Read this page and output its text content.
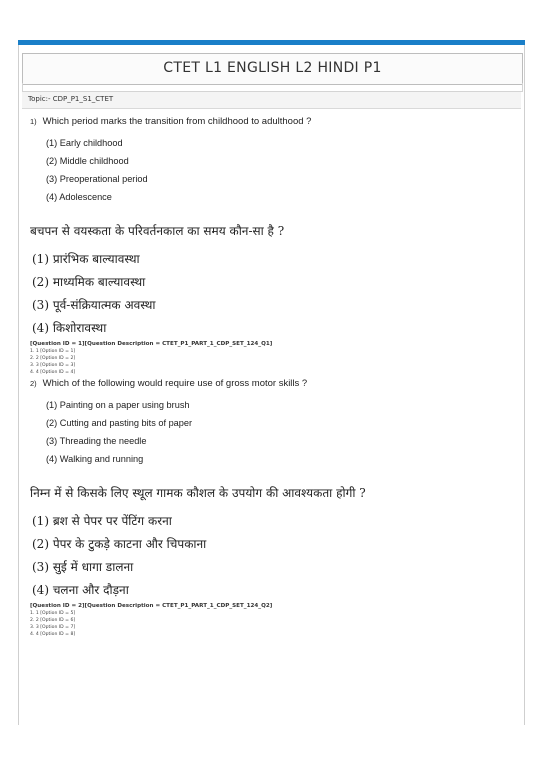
CTET L1 ENGLISH L2 HINDI P1
Topic:- CDP_P1_S1_CTET
1) Which period marks the transition from childhood to adulthood ?
(1) Early childhood
(2) Middle childhood
(3) Preoperational period
(4) Adolescence
बचपन से वयस्कता के परिवर्तनकाल का समय कौन-सा है ?
(1) प्रारंभिक बाल्यावस्था
(2) माध्यमिक बाल्यावस्था
(3) पूर्व-संक्रियात्मक अवस्था
(4) किशोरावस्था
[Question ID = 1][Question Description = CTET_P1_PART_1_CDP_SET_124_Q1]
1. 1 [Option ID = 1]
2. 2 [Option ID = 2]
3. 3 [Option ID = 3]
4. 4 [Option ID = 4]
2) Which of the following would require use of gross motor skills ?
(1) Painting on a paper using brush
(2) Cutting and pasting bits of paper
(3) Threading the needle
(4) Walking and running
निम्न में से किसके लिए स्थूल गामक कौशल के उपयोग की आवश्यकता होगी ?
(1) ब्रश से पेपर पर पेंटिंग करना
(2) पेपर के टुकड़े काटना और चिपकाना
(3) सुई में धागा डालना
(4) चलना और दौड़ना
[Question ID = 2][Question Description = CTET_P1_PART_1_CDP_SET_124_Q2]
1. 1 [Option ID = 5]
2. 2 [Option ID = 6]
3. 3 [Option ID = 7]
4. 4 [Option ID = 8]
